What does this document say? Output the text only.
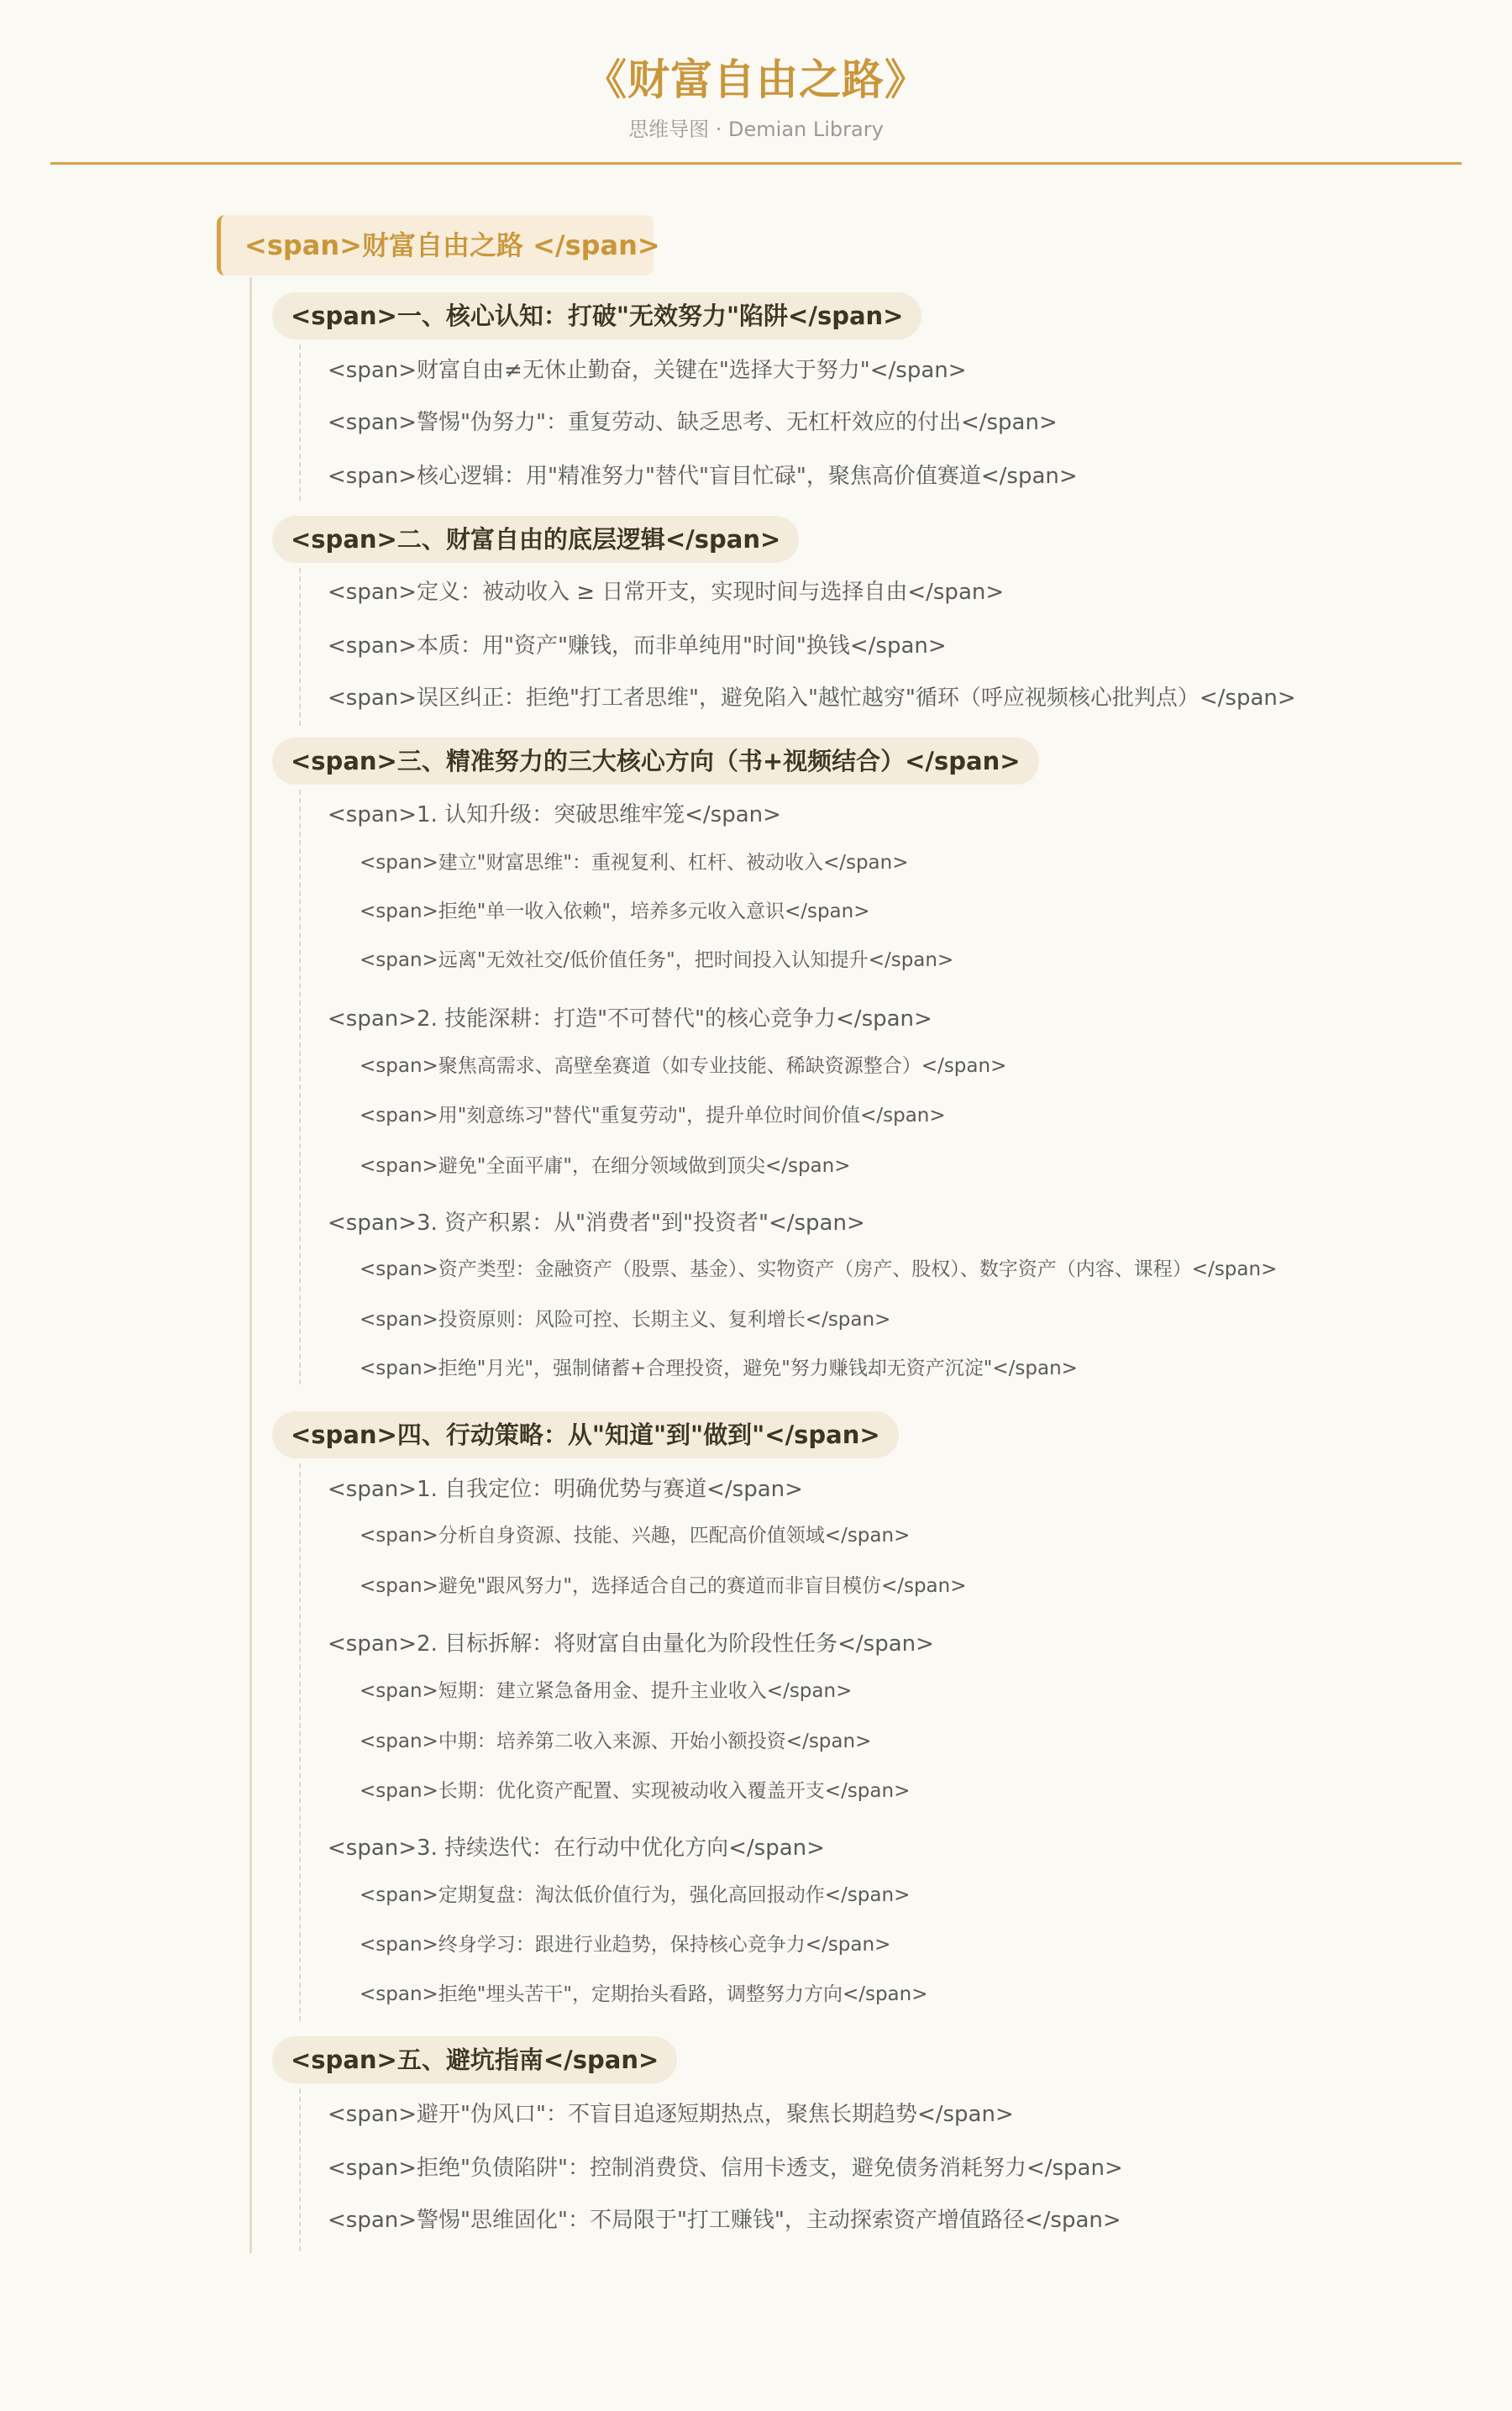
《财富自由之路》
思维导图 · Demian Library
<span>财富自由之路 </span>
<span>一、核心认知：打破"无效努力"陷阱</span>
<span>财富自由≠无休止勤奋，关键在"选择大于努力"</span>
<span>警惕"伪努力"：重复劳动、缺乏思考、无杠杆效应的付出</span>
<span>核心逻辑：用"精准努力"替代"盲目忙碌"，聚焦高价值赛道</span>
<span>二、财富自由的底层逻辑</span>
<span>定义：被动收入 ≥ 日常开支，实现时间与选择自由</span>
<span>本质：用"资产"赚钱，而非单纯用"时间"换钱</span>
<span>误区纠正：拒绝"打工者思维"，避免陷入"越忙越穷"循环（呼应视频核心批判点）</span>
<span>三、精准努力的三大核心方向（书+视频结合）</span>
<span>1. 认知升级：突破思维牢笼</span>
<span>建立"财富思维"：重视复利、杠杆、被动收入</span>
<span>拒绝"单一收入依赖"，培养多元收入意识</span>
<span>远离"无效社交/低价值任务"，把时间投入认知提升</span>
<span>2. 技能深耕：打造"不可替代"的核心竞争力</span>
<span>聚焦高需求、高壁垒赛道（如专业技能、稀缺资源整合）</span>
<span>用"刻意练习"替代"重复劳动"，提升单位时间价值</span>
<span>避免"全面平庸"，在细分领域做到顶尖</span>
<span>3. 资产积累：从"消费者"到"投资者"</span>
<span>资产类型：金融资产（股票、基金）、实物资产（房产、股权）、数字资产（内容、课程）</span>
<span>投资原则：风险可控、长期主义、复利增长</span>
<span>拒绝"月光"，强制储蓄+合理投资，避免"努力赚钱却无资产沉淀"</span>
<span>四、行动策略：从"知道"到"做到"</span>
<span>1. 自我定位：明确优势与赛道</span>
<span>分析自身资源、技能、兴趣，匹配高价值领域</span>
<span>避免"跟风努力"，选择适合自己的赛道而非盲目模仿</span>
<span>2. 目标拆解：将财富自由量化为阶段性任务</span>
<span>短期：建立紧急备用金、提升主业收入</span>
<span>中期：培养第二收入来源、开始小额投资</span>
<span>长期：优化资产配置、实现被动收入覆盖开支</span>
<span>3. 持续迭代：在行动中优化方向</span>
<span>定期复盘：淘汰低价值行为，强化高回报动作</span>
<span>终身学习：跟进行业趋势，保持核心竞争力</span>
<span>拒绝"埋头苦干"，定期抬头看路，调整努力方向</span>
<span>五、避坑指南</span>
<span>避开"伪风口"：不盲目追逐短期热点，聚焦长期趋势</span>
<span>拒绝"负债陷阱"：控制消费贷、信用卡透支，避免债务消耗努力</span>
<span>警惕"思维固化"：不局限于"打工赚钱"，主动探索资产增值路径</span>
